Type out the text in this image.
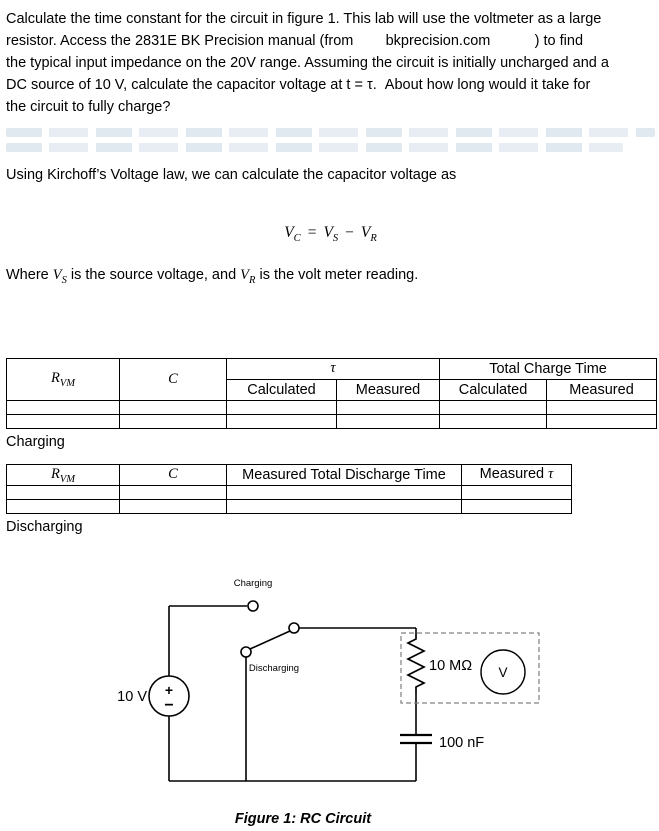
Calculate the time constant for the circuit in figure 1. This lab will use the voltmeter as a large
resistor. Access the 2831E BK Precision manual (from        bkprecision.com           ) to find
the typical input impedance on the 20V range. Assuming the circuit is initially uncharged and a
DC source of 10 V, calculate the capacitor voltage at t = τ.  About how long would it take for
the circuit to fully charge?
Using Kirchoff’s Voltage law, we can calculate the capacitor voltage as
$V_C = V_S - V_R$
Where $V_S$ is the source voltage, and $V_R$ is the volt meter reading.
$R_{VM}$	C	τ		Total Charge Time	
		Calculated	Measured	Calculated	Measured

Charging
$R_{VM}$	C	Measured Total Discharge Time	Measured τ

Discharging
V
100 nF
+
−
10 V
Charging
Discharging	10 MΩ
Figure 1: RC Circuit
